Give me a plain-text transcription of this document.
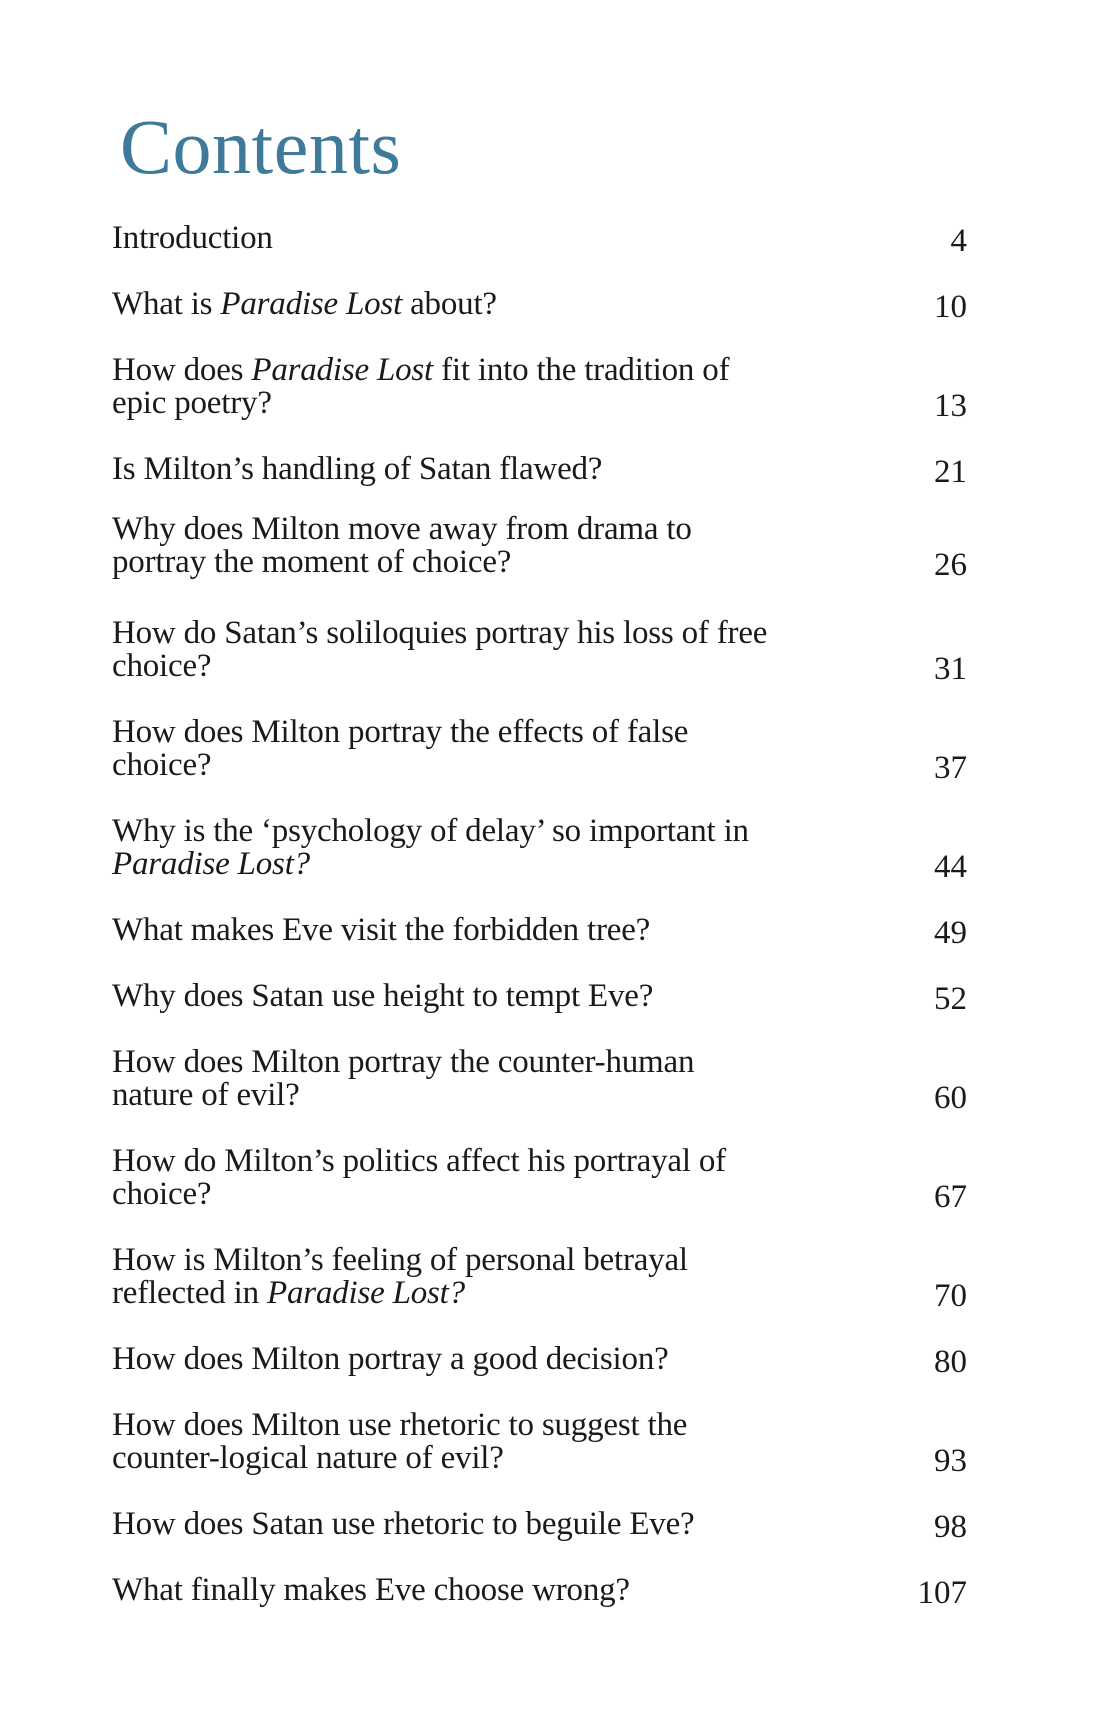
Contents
Introduction	4
What is Paradise Lost about?	10
How does Paradise Lost fit into the tradition of
epic poetry?	13
Is Milton’s handling of Satan flawed?	21
Why does Milton move away from drama to
portray the moment of choice?	26
How do Satan’s soliloquies portray his loss of free
choice?	31
How does Milton portray the effects of false
choice?	37
Why is the ‘psychology of delay’ so important in
Paradise Lost?	44
What makes Eve visit the forbidden tree?	49
Why does Satan use height to tempt Eve?	52
How does Milton portray the counter-human
nature of evil?	60
How do Milton’s politics affect his portrayal of
choice?	67
How is Milton’s feeling of personal betrayal
reflected in Paradise Lost?	70
How does Milton portray a good decision?	80
How does Milton use rhetoric to suggest the
counter-logical nature of evil?	93
How does Satan use rhetoric to beguile Eve?	98
What finally makes Eve choose wrong?	107
